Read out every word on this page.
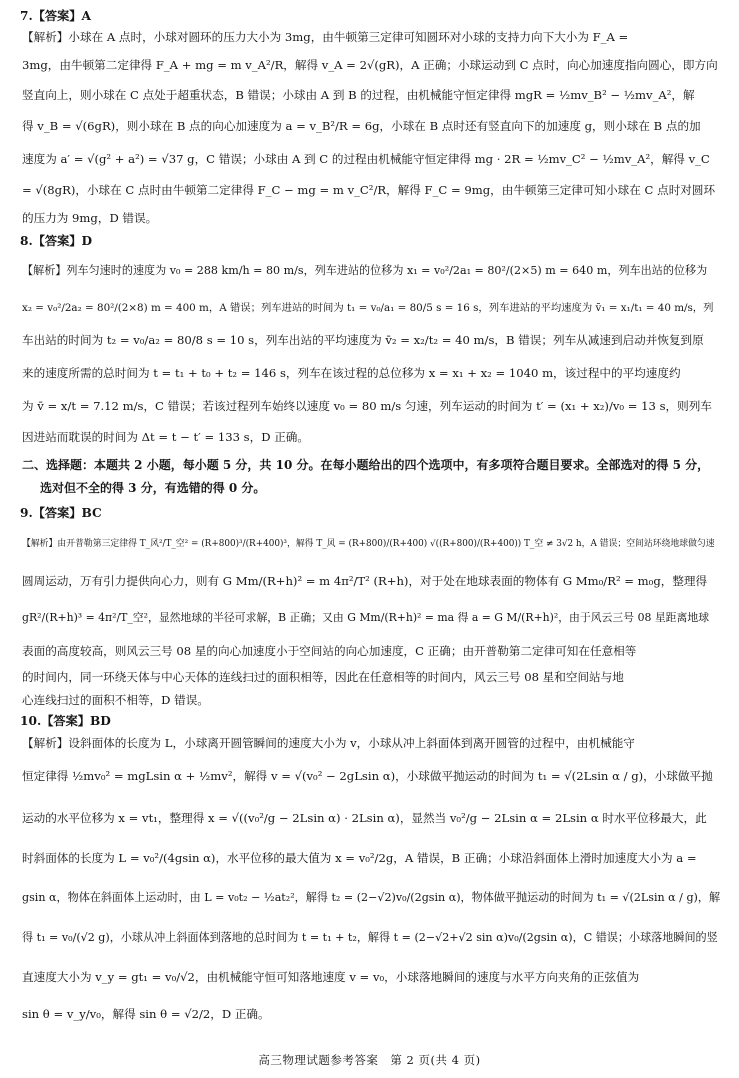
7.【答案】A
【解析】小球在 A 点时，小球对圆环的压力大小为 3mg，由牛顿第三定律可知圆环对小球的支持力向下大小为 F_A =
3mg，由牛顿第二定律得 F_A + mg = m v_A²/R，解得 v_A = 2√(gR)，A 正确；小球运动到 C 点时，向心加速度指向圆心，即方向
竖直向上，则小球在 C 点处于超重状态，B 错误；小球由 A 到 B 的过程，由机械能守恒定律得 mgR = ½mv_B² − ½mv_A²，解
得 v_B = √(6gR)，则小球在 B 点的向心加速度为 a = v_B²/R = 6g，小球在 B 点时还有竖直向下的加速度 g，则小球在 B 点的加
速度为 a′ = √(g² + a²) = √37 g，C 错误；小球由 A 到 C 的过程由机械能守恒定律得 mg · 2R = ½mv_C² − ½mv_A²，解得 v_C
= √(8gR)，小球在 C 点时由牛顿第二定律得 F_C − mg = m v_C²/R，解得 F_C = 9mg，由牛顿第三定律可知小球在 C 点时对圆环
的压力为 9mg，D 错误。
8.【答案】D
【解析】列车匀速时的速度为 v₀ = 288 km/h = 80 m/s，列车进站的位移为 x₁ = v₀²/2a₁ = 80²/(2×5) m = 640 m，列车出站的位移为
x₂ = v₀²/2a₂ = 80²/(2×8) m = 400 m，A 错误；列车进站的时间为 t₁ = v₀/a₁ = 80/5 s = 16 s，列车进站的平均速度为 v̄₁ = x₁/t₁ = 40 m/s，列
车出站的时间为 t₂ = v₀/a₂ = 80/8 s = 10 s，列车出站的平均速度为 v̄₂ = x₂/t₂ = 40 m/s，B 错误；列车从减速到启动并恢复到原
来的速度所需的总时间为 t = t₁ + t₀ + t₂ = 146 s，列车在该过程的总位移为 x = x₁ + x₂ = 1040 m，该过程中的平均速度约
为 v̄ = x/t = 7.12 m/s，C 错误；若该过程列车始终以速度 v₀ = 80 m/s 匀速，列车运动的时间为 t′ = (x₁ + x₂)/v₀ = 13 s，则列车
因进站而耽误的时间为 Δt = t − t′ = 133 s，D 正确。
二、选择题：本题共 2 小题，每小题 5 分，共 10 分。在每小题给出的四个选项中，有多项符合题目要求。全部选对的得 5 分，
选对但不全的得 3 分，有选错的得 0 分。
9.【答案】BC
【解析】由开普勒第三定律得 T_风²/T_空² = (R+800)³/(R+400)³，解得 T_风 = (R+800)/(R+400) √((R+800)/(R+400)) T_空 ≠ 3√2 h，A 错误；空间站环绕地球做匀速
圆周运动，万有引力提供向心力，则有 G Mm/(R+h)² = m 4π²/T² (R+h)，对于处在地球表面的物体有 G Mm₀/R² = m₀g，整理得
gR²/(R+h)³ = 4π²/T_空²，显然地球的半径可求解，B 正确；又由 G Mm/(R+h)² = ma 得 a = G M/(R+h)²，由于风云三号 08 星距离地球
表面的高度较高，则风云三号 08 星的向心加速度小于空间站的向心加速度，C 正确；由开普勒第二定律可知在任意相等
的时间内，同一环绕天体与中心天体的连线扫过的面积相等，因此在任意相等的时间内，风云三号 08 星和空间站与地
心连线扫过的面积不相等，D 错误。
10.【答案】BD
【解析】设斜面体的长度为 L，小球离开圆管瞬间的速度大小为 v，小球从冲上斜面体到离开圆管的过程中，由机械能守
恒定律得 ½mv₀² = mgLsin α + ½mv²，解得 v = √(v₀² − 2gLsin α)，小球做平抛运动的时间为 t₁ = √(2Lsin α / g)，小球做平抛
运动的水平位移为 x = vt₁，整理得 x = √((v₀²/g − 2Lsin α) · 2Lsin α)，显然当 v₀²/g − 2Lsin α = 2Lsin α 时水平位移最大，此
时斜面体的长度为 L = v₀²/(4gsin α)，水平位移的最大值为 x = v₀²/2g，A 错误，B 正确；小球沿斜面体上滑时加速度大小为 a =
gsin α，物体在斜面体上运动时，由 L = v₀t₂ − ½at₂²，解得 t₂ = (2−√2)v₀/(2gsin α)，物体做平抛运动的时间为 t₁ = √(2Lsin α / g)，解
得 t₁ = v₀/(√2 g)，小球从冲上斜面体到落地的总时间为 t = t₁ + t₂，解得 t = (2−√2+√2 sin α)v₀/(2gsin α)，C 错误；小球落地瞬间的竖
直速度大小为 v_y = gt₁ = v₀/√2，由机械能守恒可知落地速度 v = v₀，小球落地瞬间的速度与水平方向夹角的正弦值为
sin θ = v_y/v₀，解得 sin θ = √2/2，D 正确。
高三物理试题参考答案　第 2 页(共 4 页)
